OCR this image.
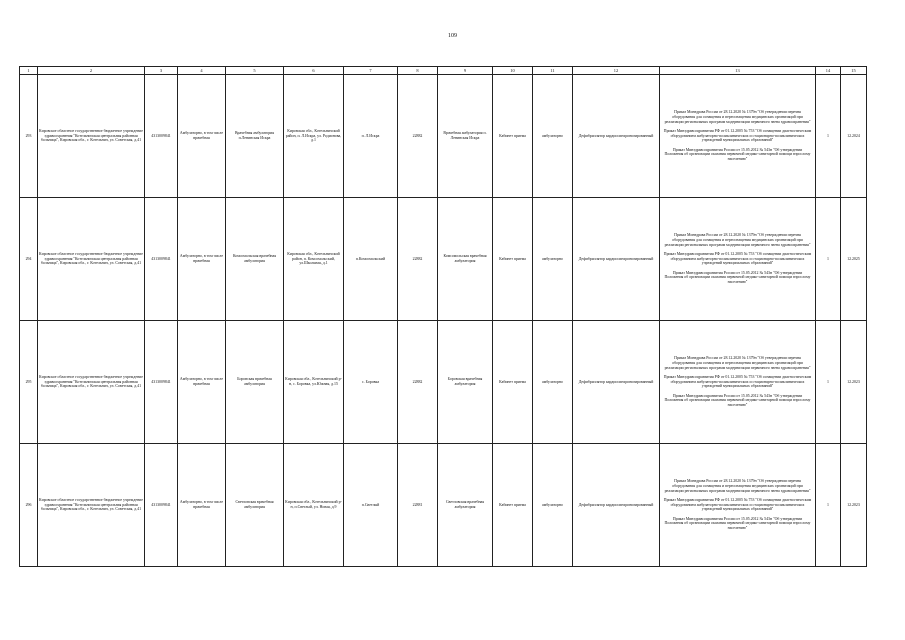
109
1	2	3	4	5	6	7	8	9	10	11	12	13	14	15
293	Кировское областное государственное бюджетное учреждение здравоохранения "Котельничская центральная районная больница", Кировская обл., г. Котельнич, ул. Советская, д.41	4313009841	Амбулаторно, в том числе врачебная	Врачебная амбулатория п.Ленинская Искра	Кировская обл., Котельничский район, п. Л.Искра, ул. Родионова, д.1	п. Л.Искра	22882	Врачебная амбулатория п. Ленинская Искра	Кабинет приема	амбулаторно	Дефибриллятор кардиосинхронизированный	Приказ Минздрава России от 28.12.2020 № 1379н "Об утверждении перечня оборудования для оснащения и переоснащения медицинских организаций при реализации региональных программ модернизации первичного звена здравоохранения"
Приказ Минздравсоцразвития РФ от 01.12.2005 № 753 "Об оснащении диагностическим оборудованием амбулаторно-поликлинических и стационарно-поликлинических учреждений муниципальных образований"
Приказ Минздравсоцразвития России от 15.05.2012 № 543н "Об утверждении Положения об организации оказания первичной медико-санитарной помощи взрослому населению"	1	12.2024
294	Кировское областное государственное бюджетное учреждение здравоохранения "Котельничская центральная районная больница", Кировская обл., г. Котельнич, ул. Советская, д.41	4313009841	Амбулаторно, в том числе врачебная	Комсомольская врачебная амбулатория	Кировская обл., Котельничский район, п. Комсомольский, ул.Школьная, д.1	п.Комсомольский	22882	Комсомольская врачебная амбулатория	Кабинет приема	амбулаторно	Дефибриллятор кардиосинхронизированный	Приказ Минздрава России от 28.12.2020 № 1379н "Об утверждении перечня оборудования для оснащения и переоснащения медицинских организаций при реализации региональных программ модернизации первичного звена здравоохранения"
Приказ Минздравсоцразвития РФ от 01.12.2005 № 753 "Об оснащении диагностическим оборудованием амбулаторно-поликлинических и стационарно-поликлинических учреждений муниципальных образований"
Приказ Минздравсоцразвития России от 15.05.2012 № 543н "Об утверждении Положения об организации оказания первичной медико-санитарной помощи взрослому населению"	1	12.2025
295	Кировское областное государственное бюджетное учреждение здравоохранения "Котельничская центральная районная больница", Кировская обл., г. Котельнич, ул. Советская, д.41	4313009841	Амбулаторно, в том числе врачебная	Боровская врачебная амбулатория	Кировская обл., Котельничский р-н, с. Боровка, ул.Южная, д.15	с. Боровка	22882	Боровская врачебная амбулатория	Кабинет приема	амбулаторно	Дефибриллятор кардиосинхронизированный	Приказ Минздрава России от 28.12.2020 № 1379н "Об утверждении перечня оборудования для оснащения и переоснащения медицинских организаций при реализации региональных программ модернизации первичного звена здравоохранения"
Приказ Минздравсоцразвития РФ от 01.12.2005 № 753 "Об оснащении диагностическим оборудованием амбулаторно-поликлинических и стационарно-поликлинических учреждений муниципальных образований"
Приказ Минздравсоцразвития России от 15.05.2012 № 543н "Об утверждении Положения об организации оказания первичной медико-санитарной помощи взрослому населению"	1	12.2023
296	Кировское областное государственное бюджетное учреждение здравоохранения "Котельничская центральная районная больница", Кировская обл., г. Котельнич, ул. Советская, д.41	4313009841	Амбулаторно, в том числе врачебная	Светловская врачебная амбулатория	Кировская обл., Котельничский р-н, п.Светлый, ул. Новая, д.9	п.Светлый	22881	Светловская врачебная амбулатория	Кабинет приема	амбулаторно	Дефибриллятор кардиосинхронизированный	Приказ Минздрава России от 28.12.2020 № 1379н "Об утверждении перечня оборудования для оснащения и переоснащения медицинских организаций при реализации региональных программ модернизации первичного звена здравоохранения"
Приказ Минздравсоцразвития РФ от 01.12.2005 № 753 "Об оснащении диагностическим оборудованием амбулаторно-поликлинических и стационарно-поликлинических учреждений муниципальных образований"
Приказ Минздравсоцразвития России от 15.05.2012 № 543н "Об утверждении Положения об организации оказания первичной медико-санитарной помощи взрослому населению"	1	12.2023
